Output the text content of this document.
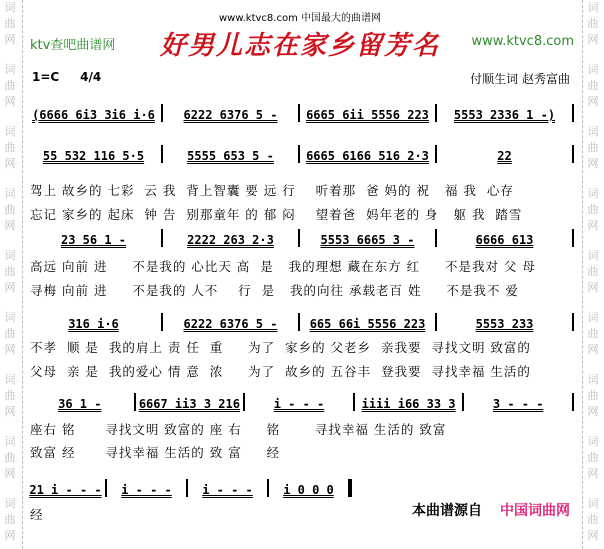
词曲网
词曲网
词曲网
词曲网
词曲网
词曲网
词曲网
词曲网
词曲网
词曲网
词曲网
词曲网
词曲网
词曲网
词曲网
词曲网
词曲网
词曲网
ktv查吧曲谱网	www.ktvc8.com
www.ktvc8.com 中国最大的曲谱网
好男儿志在家乡留芳名
1=C 4/4	付顺生词 赵秀富曲
(6666 6i3 3i6 i·6	6222 6376 5 -	6665 6ii 5556 223	5553 2336 1 -)
55 532 116 5·5	5555 653 5 -	6665 6166 516 2·3	22
驾上 故乡的 七彩  云 我  背上智囊 要 远 行    听着那  爸 妈的 祝   福 我  心存
忘记 家乡的 起床  钟 告  别那童年 的 郁 闷    望着爸  妈年老的 身   躯 我  踏雪
23 56 1 -	2222 263 2·3	5553 6665 3 -	6666 613
高远 向前 进     不是我的 心比天 高  是   我的理想 藏在东方 红     不是我对 父 母
寻梅 向前 进     不是我的 人不    行  是   我的向往 承载老百 姓     不是我不 爱
316 i·6	6222 6376 5 -	665 66i 5556 223	5553 233
不孝  顺 是  我的肩上 责 任  重     为了  家乡的 父老乡  亲我要  寻找文明 致富的
父母  亲 是  我的爱心 情 意  浓     为了  故乡的 五谷丰  登我要  寻找幸福 生活的
36 1 -	6667 ii3 3 216	i - - -	iiii i66 33 3	3 - - -
座右 铭      寻找文明 致富的 座 右     铭       寻找幸福 生活的 致富
致富 经      寻找幸福 生活的 致 富     经
21 i - - -	i - - -	i - - -	i 0 0 0
经	本曲谱源自 中国词曲网
